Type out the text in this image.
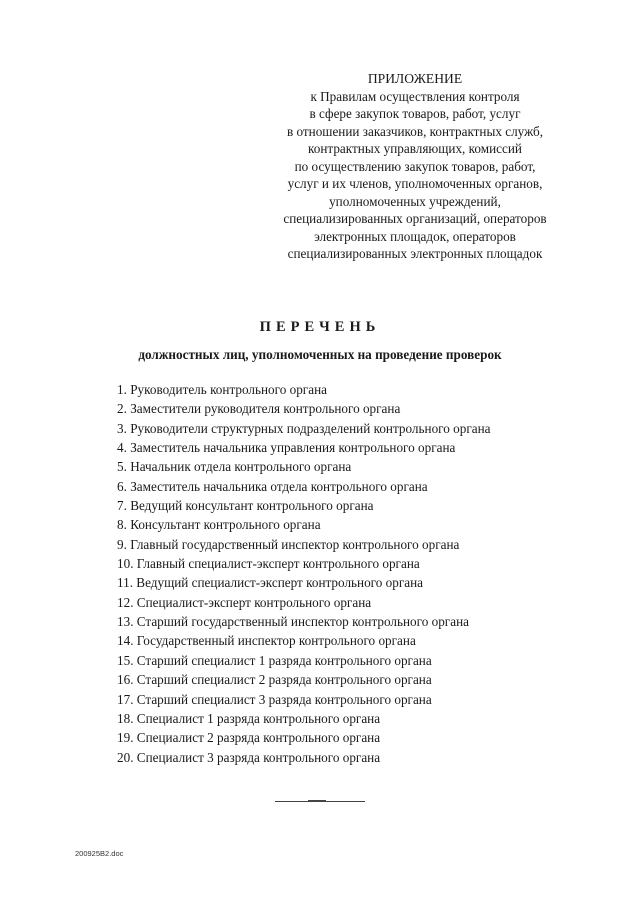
ПРИЛОЖЕНИЕ
к Правилам осуществления контроля
в сфере закупок товаров, работ, услуг
в отношении заказчиков, контрактных служб,
контрактных управляющих, комиссий
по осуществлению закупок товаров, работ,
услуг и их членов, уполномоченных органов,
уполномоченных учреждений,
специализированных организаций, операторов
электронных площадок, операторов
специализированных электронных площадок
ПЕРЕЧЕНЬ
должностных лиц, уполномоченных на проведение проверок
1. Руководитель контрольного органа
2. Заместители руководителя контрольного органа
3. Руководители структурных подразделений контрольного органа
4. Заместитель начальника управления контрольного органа
5. Начальник отдела контрольного органа
6. Заместитель начальника отдела контрольного органа
7. Ведущий консультант контрольного органа
8. Консультант контрольного органа
9. Главный государственный инспектор контрольного органа
10. Главный специалист-эксперт контрольного органа
11. Ведущий специалист-эксперт контрольного органа
12. Специалист-эксперт контрольного органа
13. Старший государственный инспектор контрольного органа
14. Государственный инспектор контрольного органа
15. Старший специалист 1 разряда контрольного органа
16. Старший специалист 2 разряда контрольного органа
17. Старший специалист 3 разряда контрольного органа
18. Специалист 1 разряда контрольного органа
19. Специалист 2 разряда контрольного органа
20. Специалист 3 разряда контрольного органа
200925B2.doc
